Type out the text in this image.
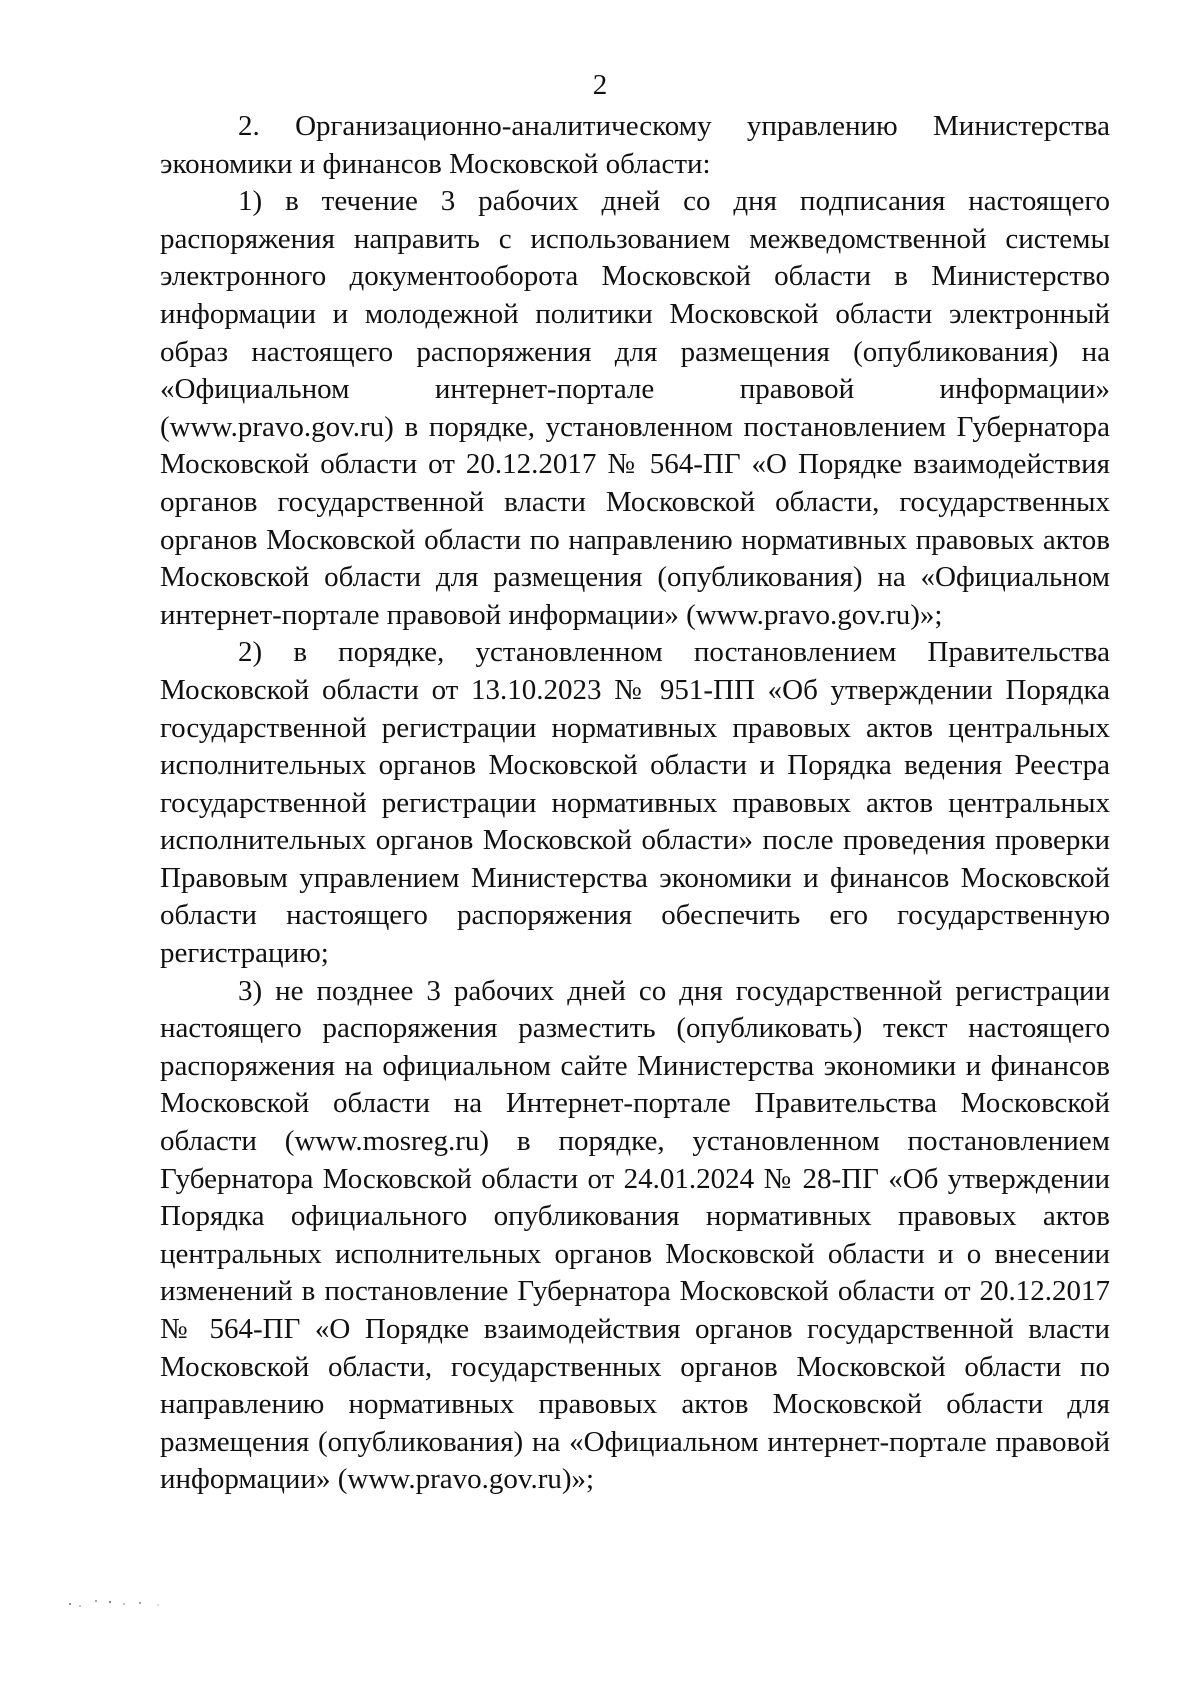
2

2. Организационно-аналитическому управлению Министерства экономики и финансов Московской области:

1) в течение 3 рабочих дней со дня подписания настоящего распоряжения направить с использованием межведомственной системы электронного документооборота Московской области в Министерство информации и молодежной политики Московской области электронный образ настоящего распоряжения для размещения (опубликования) на «Официальном интернет-портале правовой информации» (www.pravo.gov.ru) в порядке, установленном постановлением Губернатора Московской области от 20.12.2017 № 564-ПГ «О Порядке взаимодействия органов государственной власти Московской области, государственных органов Московской области по направлению нормативных правовых актов Московской области для размещения (опубликования) на «Официальном интернет-портале правовой информации» (www.pravo.gov.ru)»;

2) в порядке, установленном постановлением Правительства Московской области от 13.10.2023 № 951-ПП «Об утверждении Порядка государственной регистрации нормативных правовых актов центральных исполнительных органов Московской области и Порядка ведения Реестра государственной регистрации нормативных правовых актов центральных исполнительных органов Московской области» после проведения проверки Правовым управлением Министерства экономики и финансов Московской области настоящего распоряжения обеспечить его государственную регистрацию;

3) не позднее 3 рабочих дней со дня государственной регистрации настоящего распоряжения разместить (опубликовать) текст настоящего распоряжения на официальном сайте Министерства экономики и финансов Московской области на Интернет-портале Правительства Московской области (www.mosreg.ru) в порядке, установленном постановлением Губернатора Московской области от 24.01.2024 № 28-ПГ «Об утверждении Порядка официального опубликования нормативных правовых актов центральных исполнительных органов Московской области и о внесении изменений в постановление Губернатора Московской области от 20.12.2017 № 564-ПГ «О Порядке взаимодействия органов государственной власти Московской области, государственных органов Московской области по направлению нормативных правовых актов Московской области для размещения (опубликования) на «Официальном интернет-портале правовой информации» (www.pravo.gov.ru)»;
